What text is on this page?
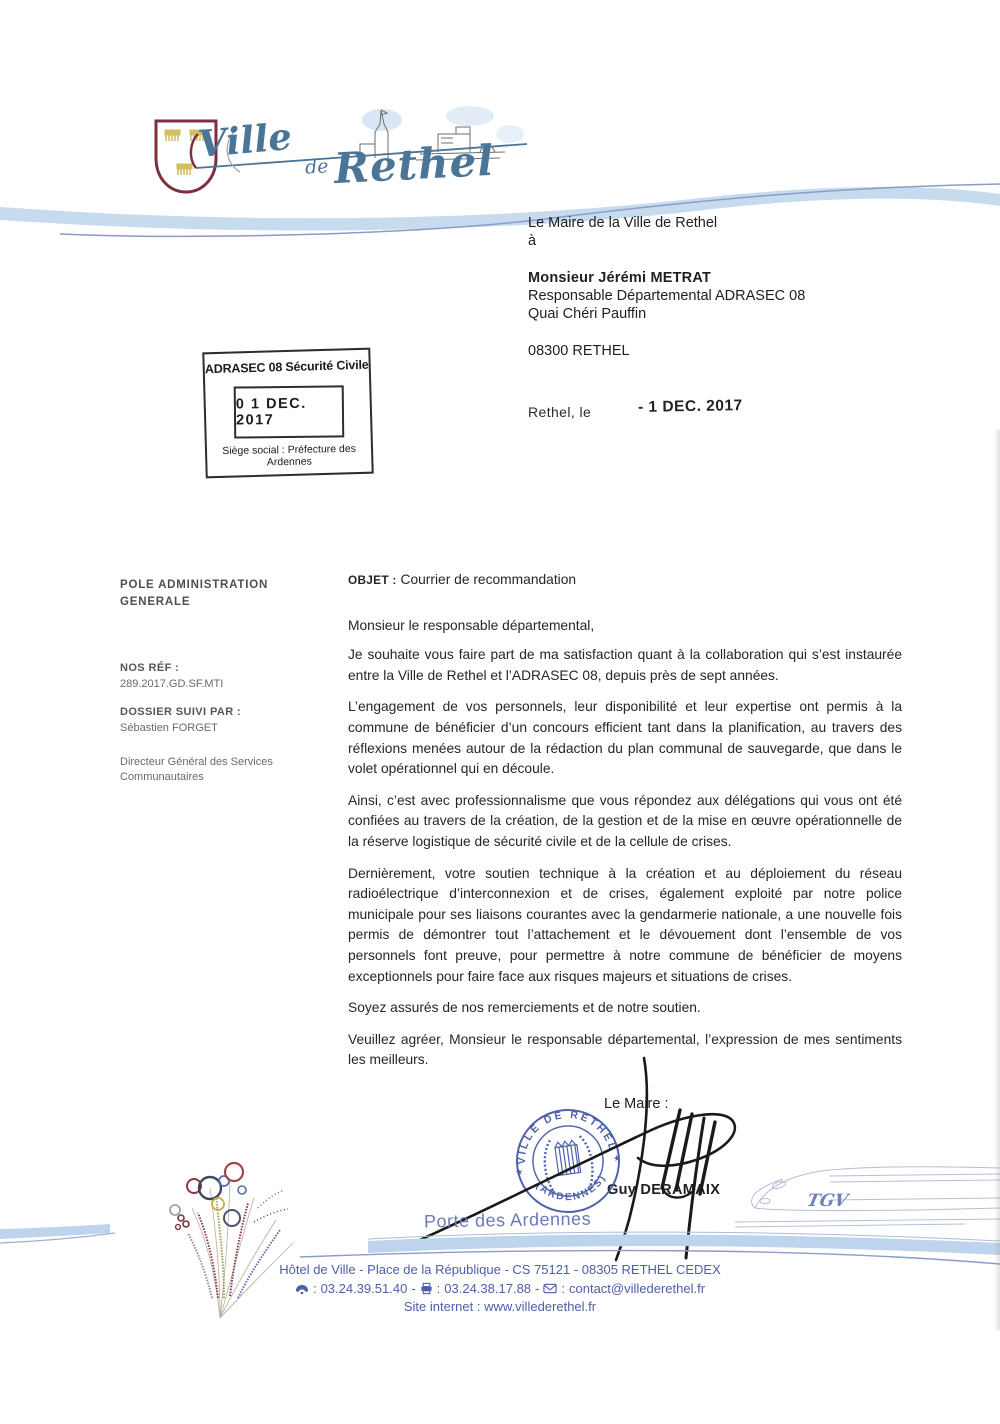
Ville
de Rethel
Le Maire de la Ville de Rethel
à
Monsieur Jérémi METRAT
Responsable Départemental ADRASEC 08
Quai Chéri Pauffin
08300 RETHEL
ADRASEC 08 Sécurité Civile
0 1 DEC. 2017
Siège social : Préfecture des Ardennes
Rethel, le	- 1 DEC. 2017
POLE ADMINISTRATION GENERALE
NOS RÉF :
289.2017.GD.SF.MTI
DOSSIER SUIVI PAR :
Sébastien FORGET
Directeur Général des Services Communautaires

OBJET : Courrier de recommandation

Monsieur le responsable départemental,

Je souhaite vous faire part de ma satisfaction quant à la collaboration qui s’est instaurée entre la Ville de Rethel et l’ADRASEC 08, depuis près de sept années.

L’engagement de vos personnels, leur disponibilité et leur expertise ont permis à la commune de bénéficier d’un concours efficient tant dans la planification, au travers des réflexions menées autour de la rédaction du plan communal de sauvegarde, que dans le volet opérationnel qui en découle.

Ainsi, c’est avec professionnalisme que vous répondez aux délégations qui vous ont été confiées au travers de la création, de la gestion et de la mise en œuvre opérationnelle de la réserve logistique de sécurité civile et de la cellule de crises.

Dernièrement, votre soutien technique à la création et au déploiement du réseau radioélectrique d’interconnexion et de crises, également exploité par notre police municipale pour ses liaisons courantes avec la gendarmerie nationale, a une nouvelle fois permis de démontrer tout l’attachement et le dévouement dont l’ensemble de vos personnels font preuve, pour permettre à notre commune de bénéficier de moyens exceptionnels pour faire face aux risques majeurs et situations de crises.

Soyez assurés de nos remerciements et de notre soutien.

Veuillez agréer, Monsieur le responsable départemental, l’expression de mes sentiments les meilleurs.

Le Maire :
Guy DERAMAIX
VILLE DE RETHEL
(ARDENNES)
★
★
Porte des Ardennes
TGV
Hôtel de Ville - Place de la République - CS 75121 - 08305 RETHEL CEDEX
: 03.24.39.51.40 - : 03.24.38.17.88 - : contact@villederethel.fr
Site internet : www.villederethel.fr
